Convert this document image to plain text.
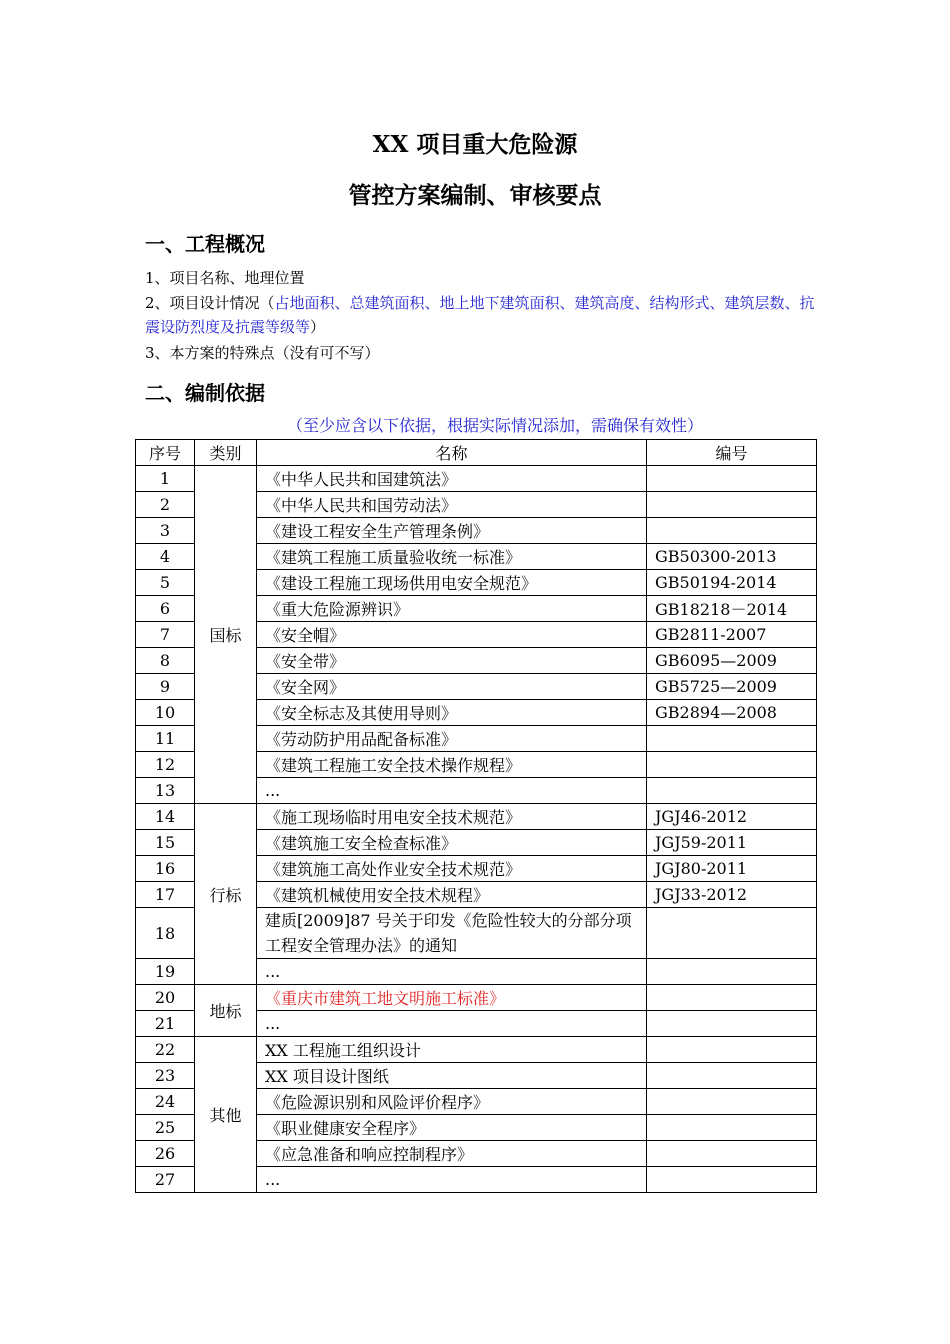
XX 项目重大危险源
管控方案编制、审核要点
一、工程概况
1、项目名称、地理位置
2、项目设计情况（占地面积、总建筑面积、地上地下建筑面积、建筑高度、结构形式、建筑层数、抗震设防烈度及抗震等级等）
3、本方案的特殊点（没有可不写）
二、编制依据
（至少应含以下依据，根据实际情况添加，需确保有效性）
序号	类别	名称	编号
1	国标	《中华人民共和国建筑法》	
2		《中华人民共和国劳动法》	
3		《建设工程安全生产管理条例》	
4		《建筑工程施工质量验收统一标准》	GB50300-2013
5		《建设工程施工现场供用电安全规范》	GB50194-2014
6		《重大危险源辨识》	GB18218－2014
7		《安全帽》	GB2811-2007
8		《安全带》	GB6095—2009
9		《安全网》	GB5725—2009
10		《安全标志及其使用导则》	GB2894—2008
11		《劳动防护用品配备标准》	
12		《建筑工程施工安全技术操作规程》	
13		...	
14	行标	《施工现场临时用电安全技术规范》	JGJ46-2012
15		《建筑施工安全检查标准》	JGJ59-2011
16		《建筑施工高处作业安全技术规范》	JGJ80-2011
17		《建筑机械使用安全技术规程》	JGJ33-2012
18		建质[2009]87 号关于印发《危险性较大的分部分项工程安全管理办法》的通知	
19		...	
20	地标	《重庆市建筑工地文明施工标准》	
21		...	
22	其他	XX 工程施工组织设计	
23		XX 项目设计图纸	
24		《危险源识别和风险评价程序》	
25		《职业健康安全程序》	
26		《应急准备和响应控制程序》	
27		...	
